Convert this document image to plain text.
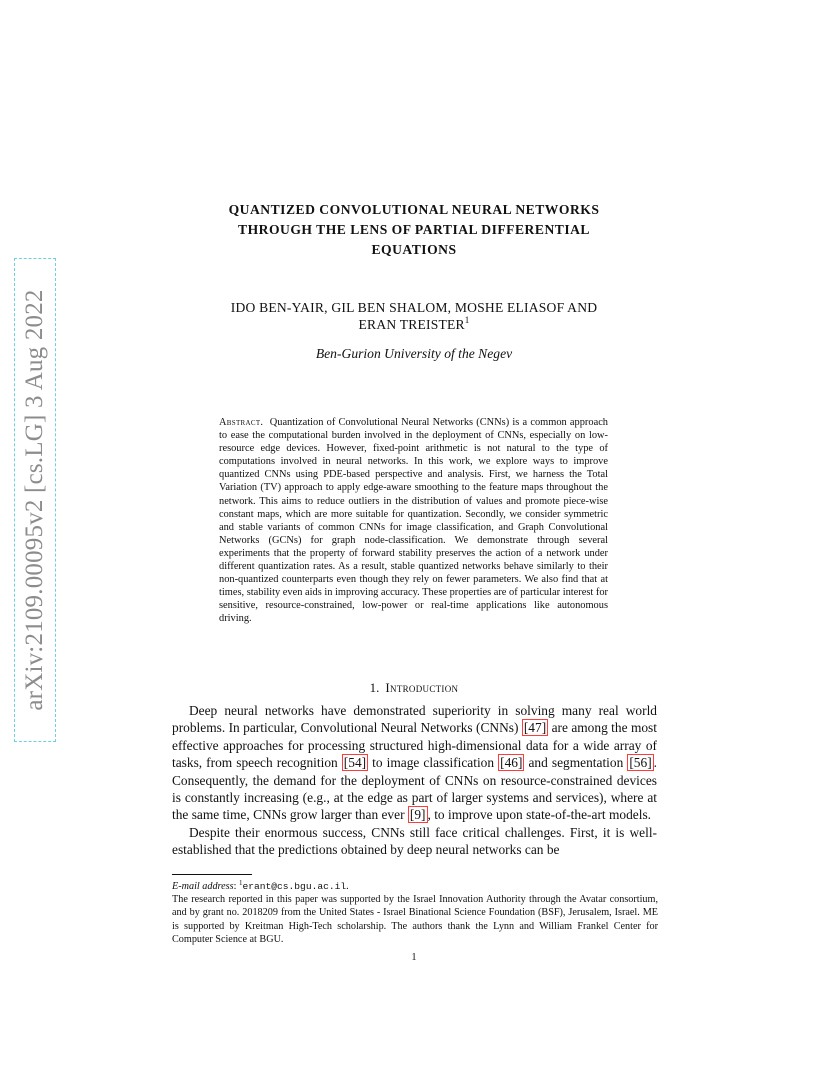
arXiv:2109.00095v2 [cs.LG] 3 Aug 2022
QUANTIZED CONVOLUTIONAL NEURAL NETWORKS
THROUGH THE LENS OF PARTIAL DIFFERENTIAL
EQUATIONS
IDO BEN-YAIR, GIL BEN SHALOM, MOSHE ELIASOF AND
ERAN TREISTER$^1$
Ben-Gurion University of the Negev
Abstract. Quantization of Convolutional Neural Networks (CNNs) is a common approach to ease the computational burden involved in the deployment of CNNs, especially on low-resource edge devices. However, fixed-point arithmetic is not natural to the type of computations involved in neural networks. In this work, we explore ways to improve quantized CNNs using PDE-based perspective and analysis. First, we harness the Total Variation (TV) approach to apply edge-aware smoothing to the feature maps throughout the network. This aims to reduce outliers in the distribution of values and promote piece-wise constant maps, which are more suitable for quantization. Secondly, we consider symmetric and stable variants of common CNNs for image classification, and Graph Convolutional Networks (GCNs) for graph node-classification. We demonstrate through several experiments that the property of forward stability preserves the action of a network under different quantization rates. As a result, stable quantized networks behave similarly to their non-quantized counterparts even though they rely on fewer parameters. We also find that at times, stability even aids in improving accuracy. These properties are of particular interest for sensitive, resource-constrained, low-power or real-time applications like autonomous driving.
1. Introduction

Deep neural networks have demonstrated superiority in solving many real world problems. In particular, Convolutional Neural Networks (CNNs) [47] are among the most effective approaches for processing structured high-dimensional data for a wide array of tasks, from speech recognition [54] to image classification [46] and segmentation [56] . Consequently, the demand for the deployment of CNNs on resource-constrained devices is constantly increasing (e.g., at the edge as part of larger systems and services), where at the same time, CNNs grow larger than ever [9] , to improve upon state-of-the-art models.

Despite their enormous success, CNNs still face critical challenges. First, it is well-established that the predictions obtained by deep neural networks can be

E-mail address: $^1$erant@cs.bgu.ac.il.

The research reported in this paper was supported by the Israel Innovation Authority through the Avatar consortium, and by grant no. 2018209 from the United States - Israel Binational Science Foundation (BSF), Jerusalem, Israel. ME is supported by Kreitman High-Tech scholarship. The authors thank the Lynn and William Frankel Center for Computer Science at BGU.

1
